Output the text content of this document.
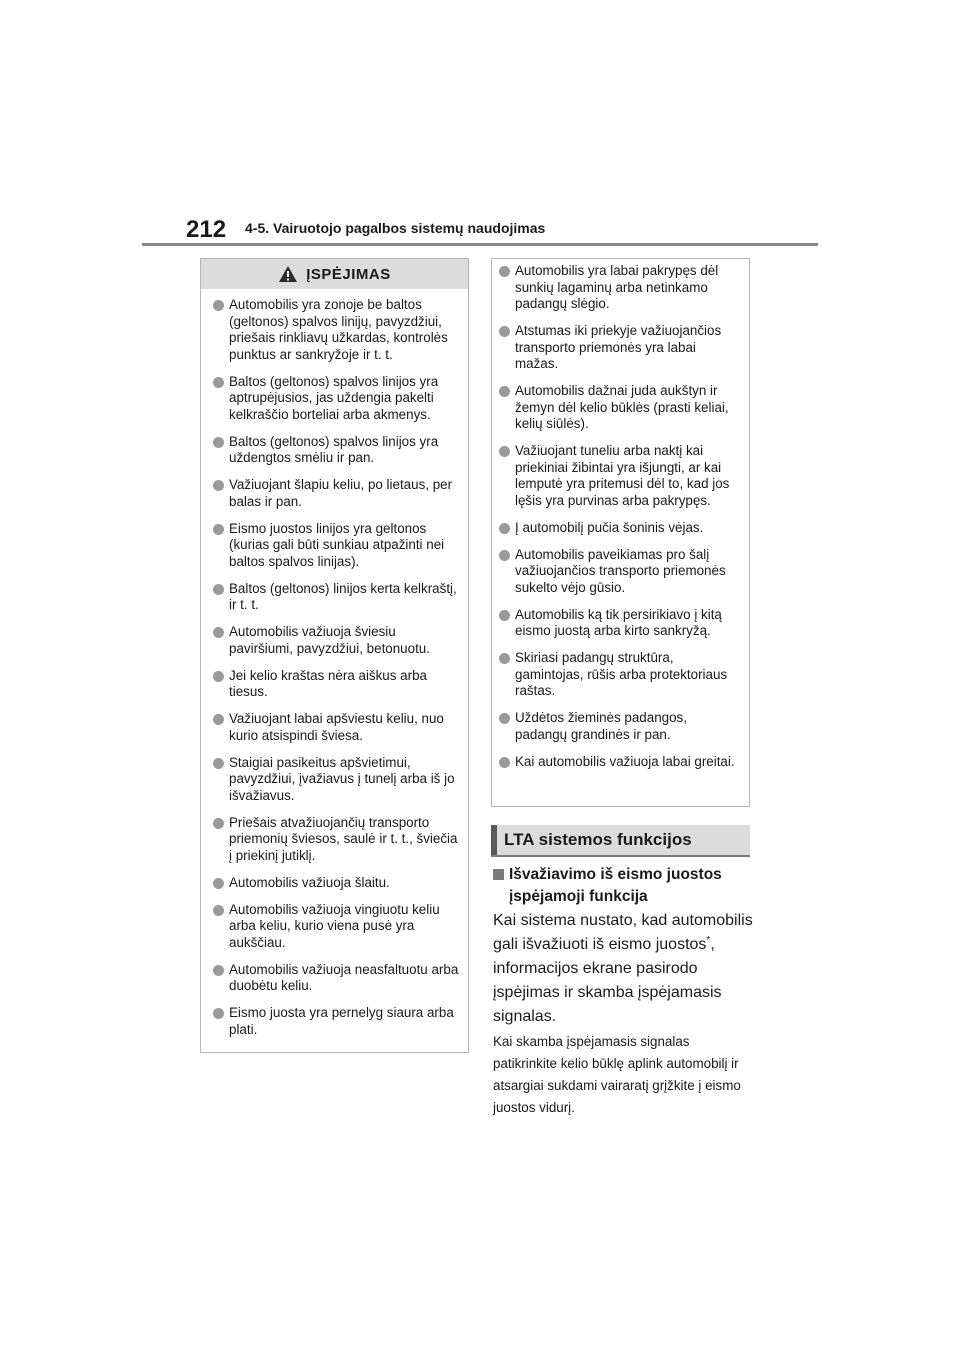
212 4-5. Vairuotojo pagalbos sistemų naudojimas
ĮSPĖJIMAS
Automobilis yra zonoje be baltos (geltonos) spalvos linijų, pavyzdžiui, priešais rinkliavų užkardas, kontrolės punktus ar sankryžoje ir t. t.
Baltos (geltonos) spalvos linijos yra aptrupėjusios, jas uždengia pakelti kelkraščio borteliai arba akmenys.
Baltos (geltonos) spalvos linijos yra uždengtos smėliu ir pan.
Važiuojant šlapiu keliu, po lietaus, per balas ir pan.
Eismo juostos linijos yra geltonos (kurias gali būti sunkiau atpažinti nei baltos spalvos linijas).
Baltos (geltonos) linijos kerta kelkraštį, ir t. t.
Automobilis važiuoja šviesiu paviršiumi, pavyzdžiui, betonuotu.
Jei kelio kraštas nėra aiškus arba tiesus.
Važiuojant labai apšviestu keliu, nuo kurio atsispindi šviesa.
Staigiai pasikeitus apšvietimui, pavyzdžiui, įvažiavus į tunelį arba iš jo išvažiavus.
Priešais atvažiuojančių transporto priemonių šviesos, saulė ir t. t., šviečia į priekinį jutiklį.
Automobilis važiuoja šlaitu.
Automobilis važiuoja vingiuotu keliu arba keliu, kurio viena pusė yra aukščiau.
Automobilis važiuoja neasfaltuotu arba duobėtu keliu.
Eismo juosta yra pernelyg siaura arba plati.
Automobilis yra labai pakrypęs dėl sunkių lagaminų arba netinkamo padangų slėgio.
Atstumas iki priekyje važiuojančios transporto priemonės yra labai mažas.
Automobilis dažnai juda aukštyn ir žemyn dėl kelio būklės (prasti keliai, kelių siūlės).
Važiuojant tuneliu arba naktį kai priekiniai žibintai yra išjungti, ar kai lemputė yra pritemusi dėl to, kad jos lęšis yra purvinas arba pakrypęs.
Į automobilį pučia šoninis vėjas.
Automobilis paveikiamas pro šalį važiuojančios transporto priemonės sukelto vėjo gūsio.
Automobilis ką tik persirikiavo į kitą eismo juostą arba kirto sankryžą.
Skiriasi padangų struktūra, gamintojas, rūšis arba protektoriaus raštas.
Uždėtos žieminės padangos, padangų grandinės ir pan.
Kai automobilis važiuoja labai greitai.
LTA sistemos funkcijos
Išvažiavimo iš eismo juostos įspėjamoji funkcija
Kai sistema nustato, kad automobilis gali išvažiuoti iš eismo juostos*, informacijos ekrane pasirodo įspėjimas ir skamba įspėjamasis signalas.
Kai skamba įspėjamasis signalas patikrinkite kelio būklę aplink automobilį ir atsargiai sukdami vairaratį grįžkite į eismo juostos vidurį.
